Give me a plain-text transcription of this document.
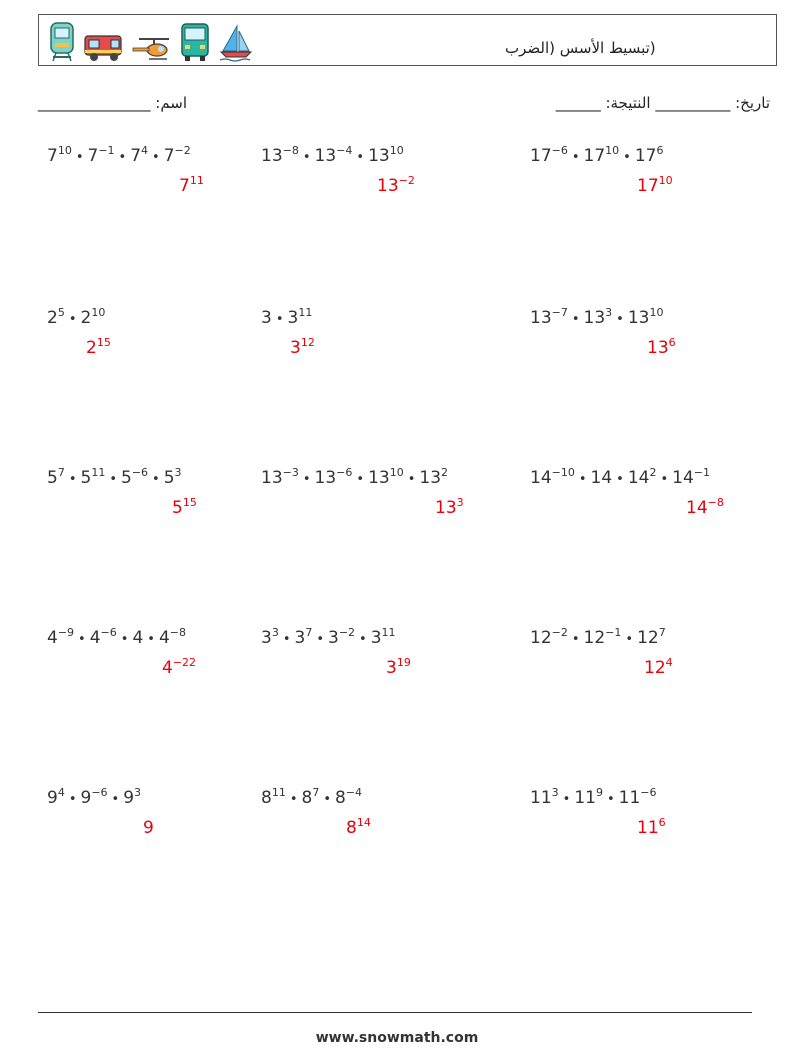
(تبسيط الأسس (الضرب
اسم: _______________	______ :تاريخ: __________ النتيجة
$7^{10}$ • $7^{-1}$ • $7^4$ • $7^{-2}$
$7^{11}$
$13^{-8}$ • $13^{-4}$ • $13^{10}$
$13^{-2}$
$17^{-6}$ • $17^{10}$ • $17^6$
$17^{10}$
$2^5$ • $2^{10}$
$2^{15}$
3 • $3^{11}$
$3^{12}$
$13^{-7}$ • $13^3$ • $13^{10}$
$13^6$
$5^7$ • $5^{11}$ • $5^{-6}$ • $5^3$
$5^{15}$
$13^{-3}$ • $13^{-6}$ • $13^{10}$ • $13^2$
$13^3$
$14^{-10}$ • 14 • $14^2$ • $14^{-1}$
$14^{-8}$
$4^{-9}$ • $4^{-6}$ • 4 • $4^{-8}$
$4^{-22}$
$3^3$ • $3^7$ • $3^{-2}$ • $3^{11}$
$3^{19}$
$12^{-2}$ • $12^{-1}$ • $12^7$
$12^4$
$9^4$ • $9^{-6}$ • $9^3$
9
$8^{11}$ • $8^7$ • $8^{-4}$
$8^{14}$
$11^3$ • $11^9$ • $11^{-6}$
$11^6$
www.snowmath.com
